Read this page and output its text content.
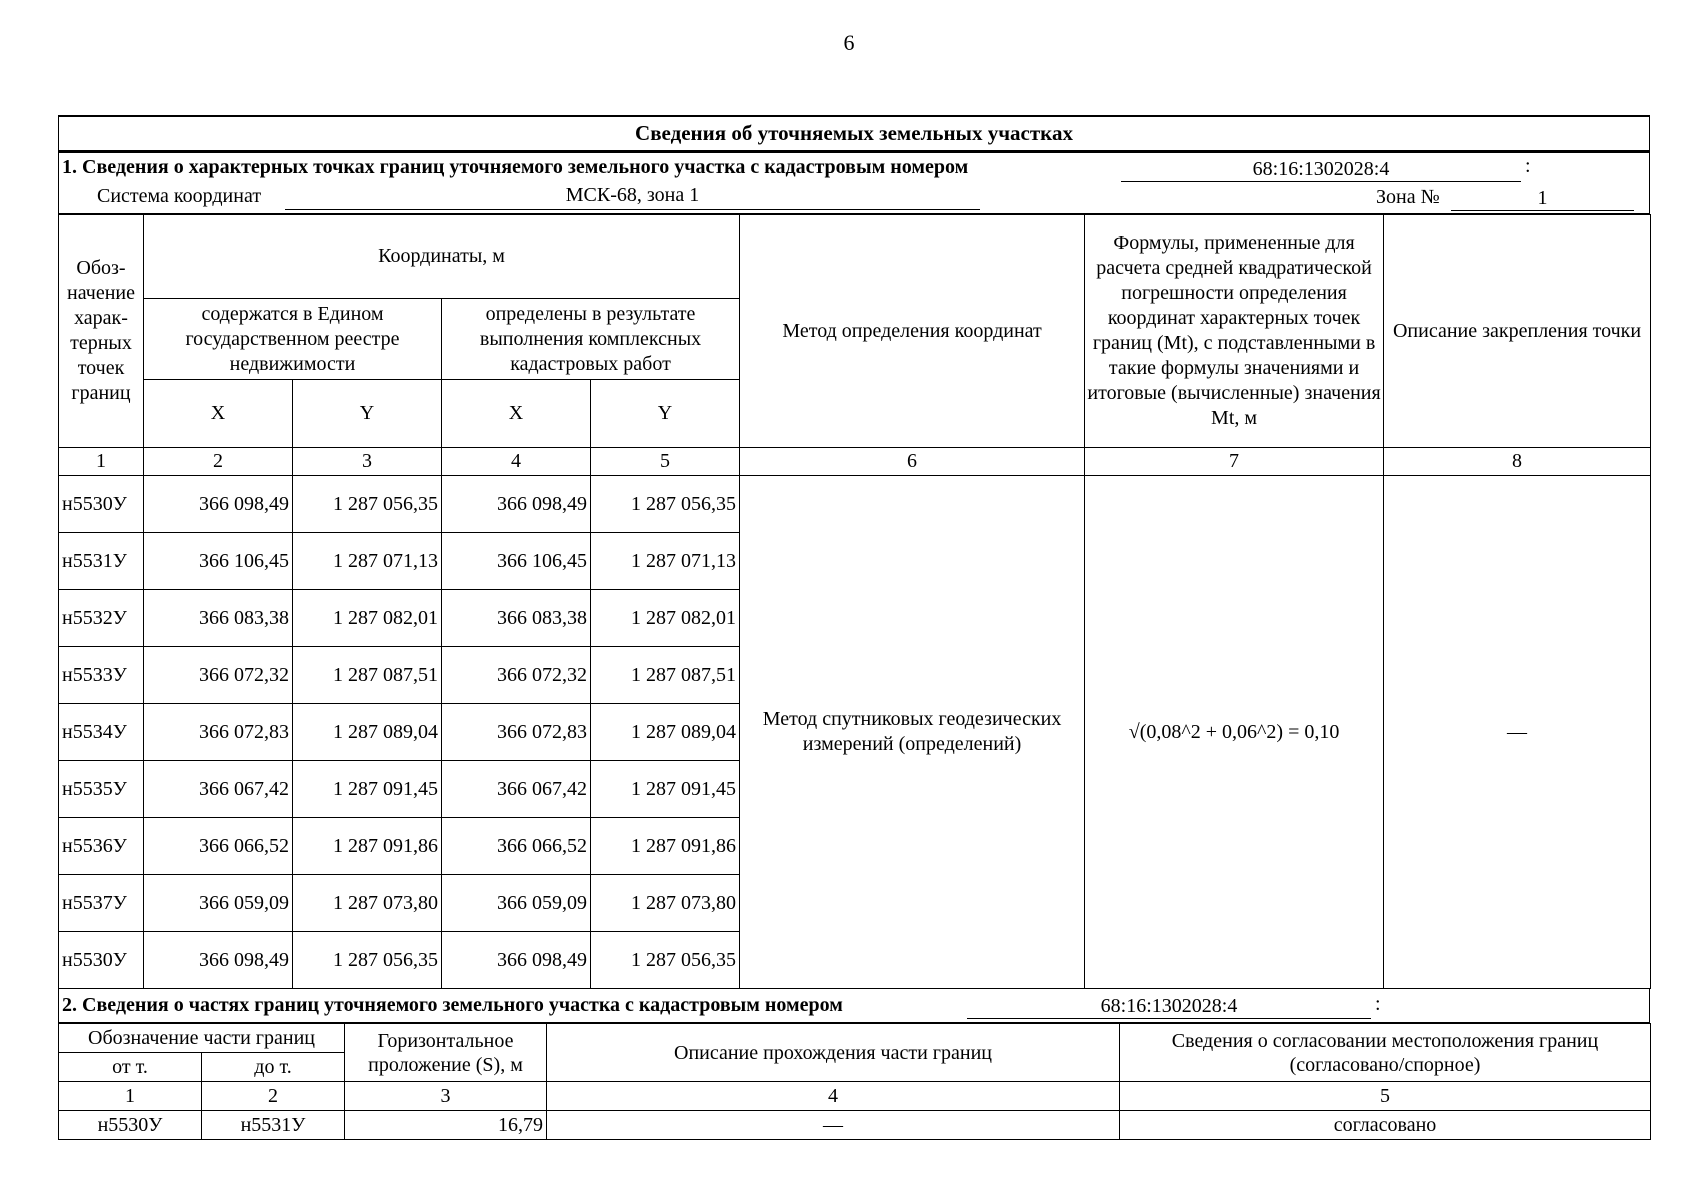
6
Сведения об уточняемых земельных участках
1. Сведения о характерных точках границ уточняемого земельного участка с кадастровым номером	68:16:1302028:4	:
Система координат	МСК-68, зона 1	Зона №	1
Обоз-начение харак-терных точек границ	Координаты, м				Метод определения координат	Формулы, примененные для расчета средней квадратической погрешности определения координат характерных точек границ (Mt), с подставленными в такие формулы значениями и итоговые (вычисленные) значения Mt, м	Описание закрепления точки
	содержатся в Едином государственном реестре недвижимости		определены в результате выполнения комплексных кадастровых работ				
	X	Y	X	Y			
1	2	3	4	5	6	7	8
н5530У	366 098,49	1 287 056,35	366 098,49	1 287 056,35	Метод спутниковых геодезических измерений (определений)	√(0,08^2 + 0,06^2) = 0,10	—
н5531У	366 106,45	1 287 071,13	366 106,45	1 287 071,13			
н5532У	366 083,38	1 287 082,01	366 083,38	1 287 082,01			
н5533У	366 072,32	1 287 087,51	366 072,32	1 287 087,51			
н5534У	366 072,83	1 287 089,04	366 072,83	1 287 089,04			
н5535У	366 067,42	1 287 091,45	366 067,42	1 287 091,45			
н5536У	366 066,52	1 287 091,86	366 066,52	1 287 091,86			
н5537У	366 059,09	1 287 073,80	366 059,09	1 287 073,80			
н5530У	366 098,49	1 287 056,35	366 098,49	1 287 056,35			
2. Сведения о частях границ уточняемого земельного участка с кадастровым номером	68:16:1302028:4	:
Обозначение части границ		Горизонтальное проложение (S), м	Описание прохождения части границ	Сведения о согласовании местоположения границ (согласовано/спорное)
от т.	до т.			
1	2	3	4	5
н5530У	н5531У	16,79	—	согласовано
